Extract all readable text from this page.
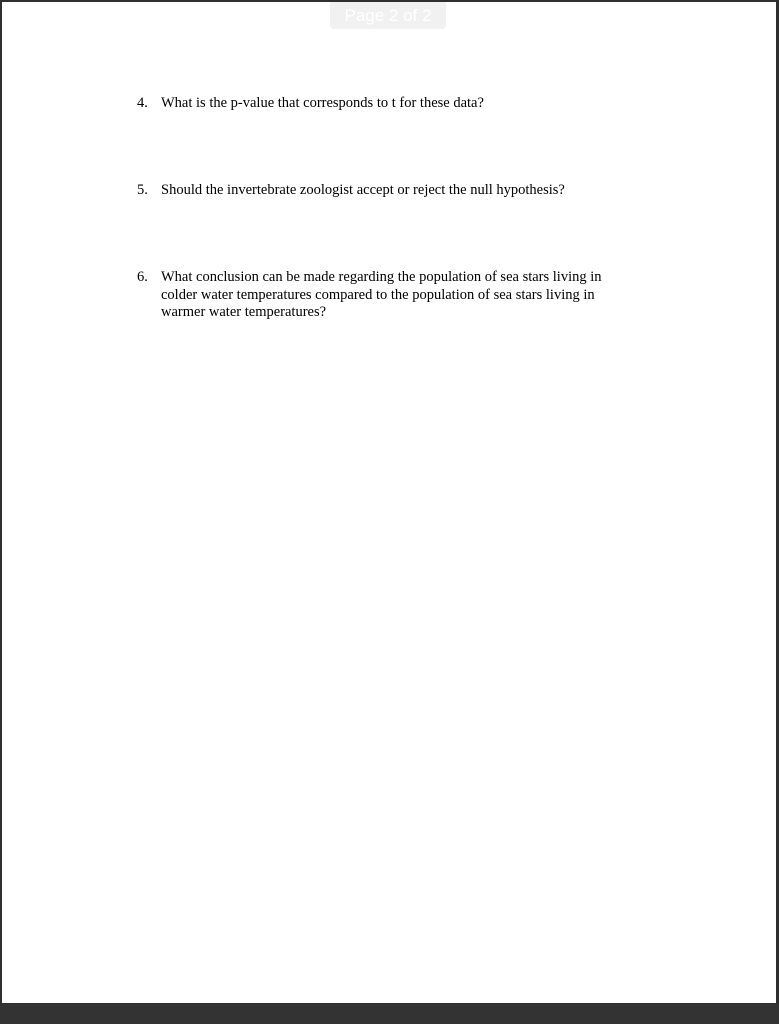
Page 2 of 2
4. What is the p-value that corresponds to t for these data?
5. Should the invertebrate zoologist accept or reject the null hypothesis?
6. What conclusion can be made regarding the population of sea stars living in
colder water temperatures compared to the population of sea stars living in
warmer water temperatures?
